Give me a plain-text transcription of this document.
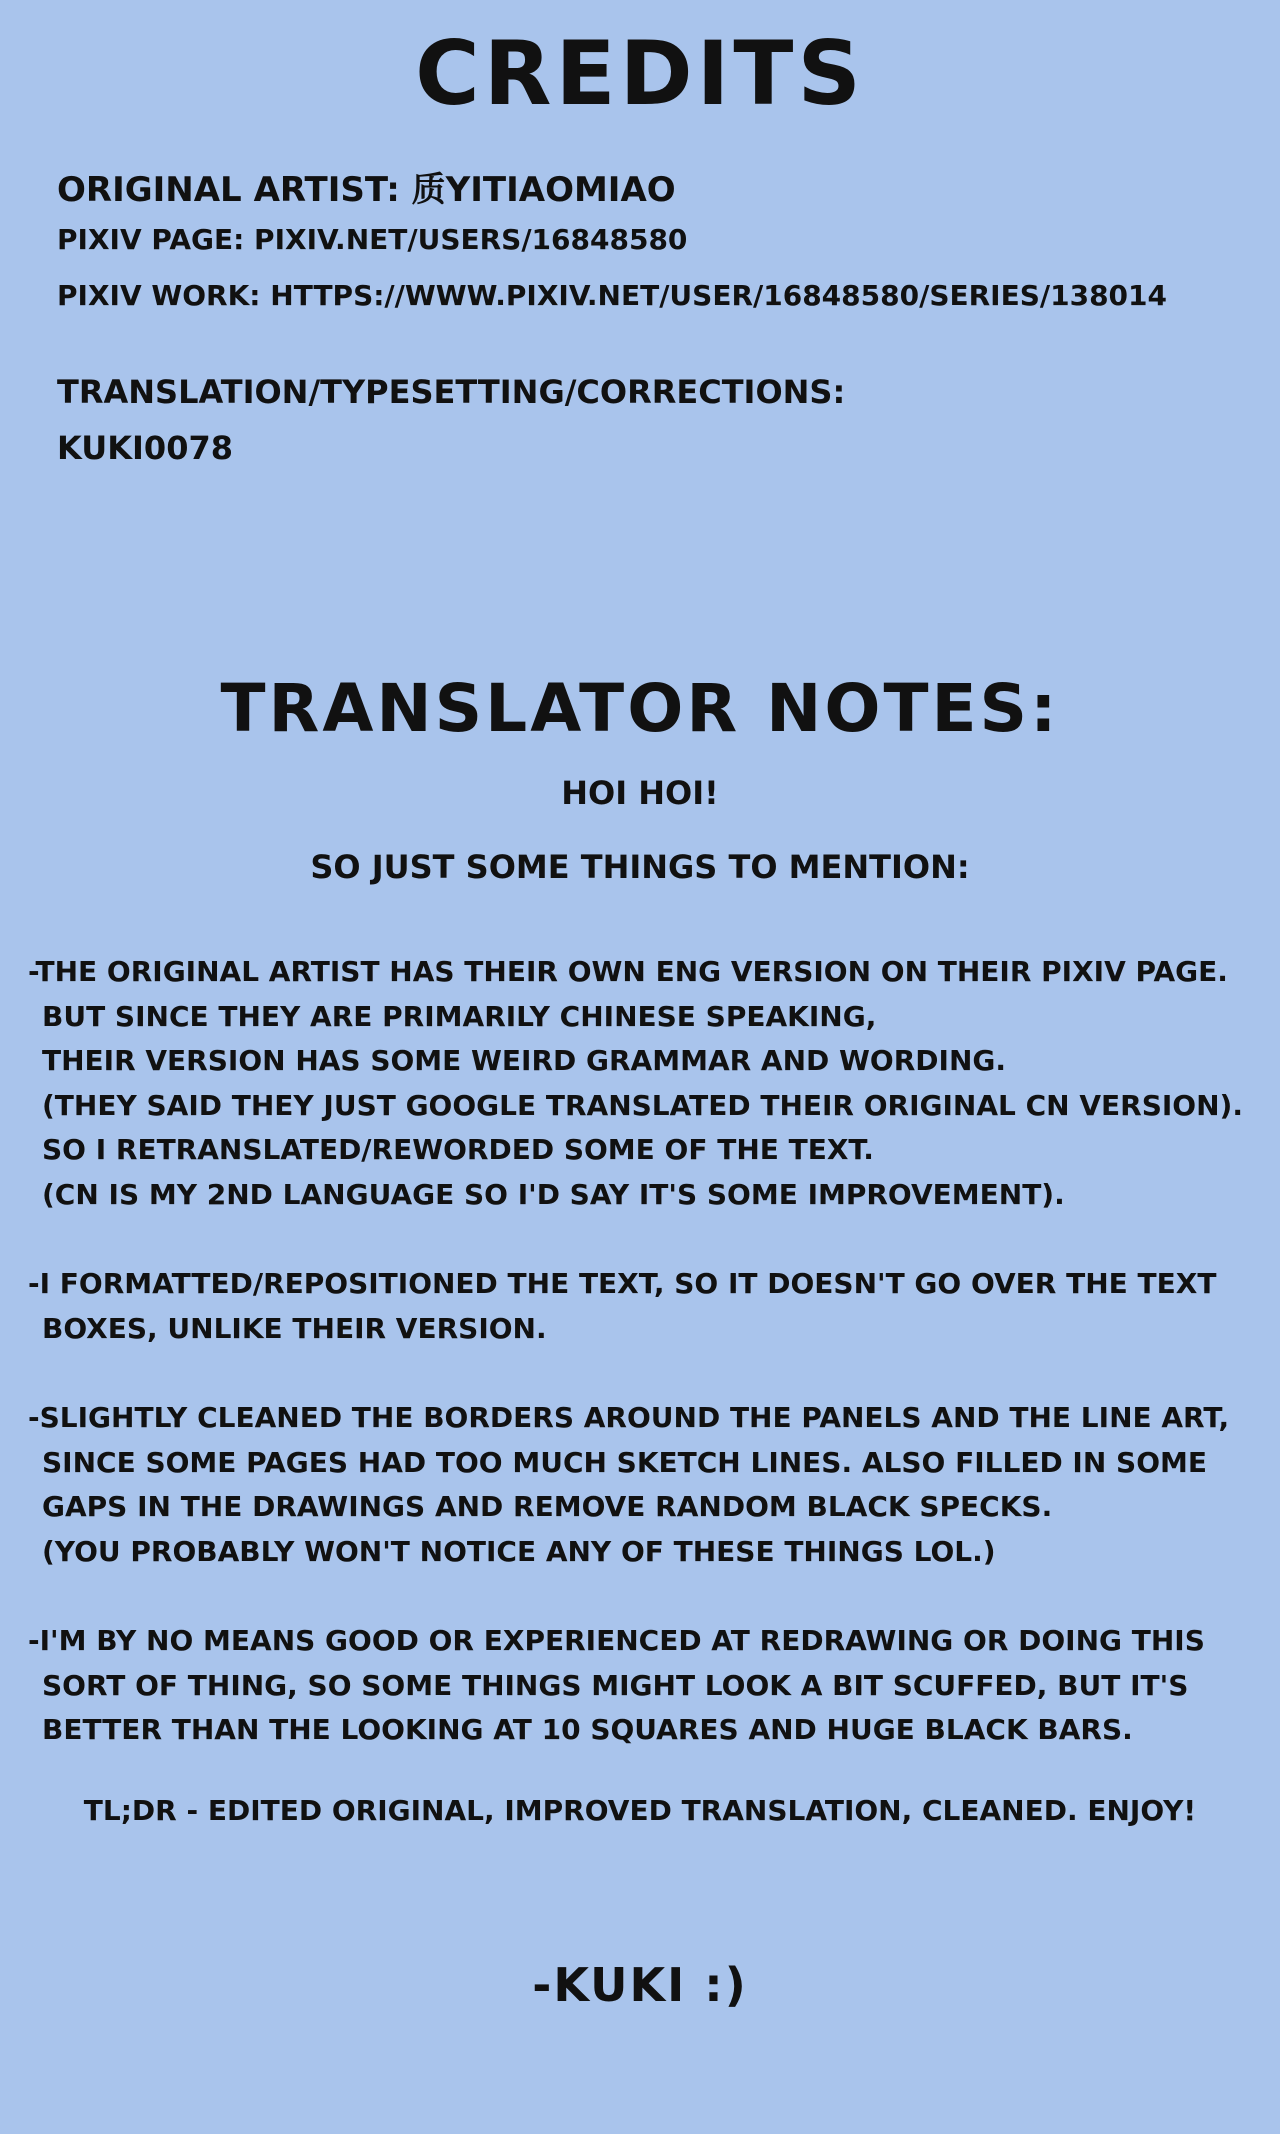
CREDITS

ORIGINAL ARTIST: 质YITIAOMIAO

PIXIV PAGE: PIXIV.NET/USERS/16848580

PIXIV WORK: HTTPS://WWW.PIXIV.NET/USER/16848580/SERIES/138014

TRANSLATION/TYPESETTING/CORRECTIONS:

KUKI0078

TRANSLATOR NOTES:

HOI HOI!

SO JUST SOME THINGS TO MENTION:

-THE ORIGINAL ARTIST HAS THEIR OWN ENG VERSION ON THEIR PIXIV PAGE.
BUT SINCE THEY ARE PRIMARILY CHINESE SPEAKING,
THEIR VERSION HAS SOME WEIRD GRAMMAR AND WORDING.
(THEY SAID THEY JUST GOOGLE TRANSLATED THEIR ORIGINAL CN VERSION).
SO I RETRANSLATED/REWORDED SOME OF THE TEXT.
(CN IS MY 2ND LANGUAGE SO I'D SAY IT'S SOME IMPROVEMENT).
-I FORMATTED/REPOSITIONED THE TEXT, SO IT DOESN'T GO OVER THE TEXT
BOXES, UNLIKE THEIR VERSION.
-SLIGHTLY CLEANED THE BORDERS AROUND THE PANELS AND THE LINE ART,
SINCE SOME PAGES HAD TOO MUCH SKETCH LINES. ALSO FILLED IN SOME
GAPS IN THE DRAWINGS AND REMOVE RANDOM BLACK SPECKS.
(YOU PROBABLY WON'T NOTICE ANY OF THESE THINGS LOL.)
-I'M BY NO MEANS GOOD OR EXPERIENCED AT REDRAWING OR DOING THIS
SORT OF THING, SO SOME THINGS MIGHT LOOK A BIT SCUFFED, BUT IT'S
BETTER THAN THE LOOKING AT 10 SQUARES AND HUGE BLACK BARS.

TL;DR - EDITED ORIGINAL, IMPROVED TRANSLATION, CLEANED. ENJOY!

-KUKI :)
